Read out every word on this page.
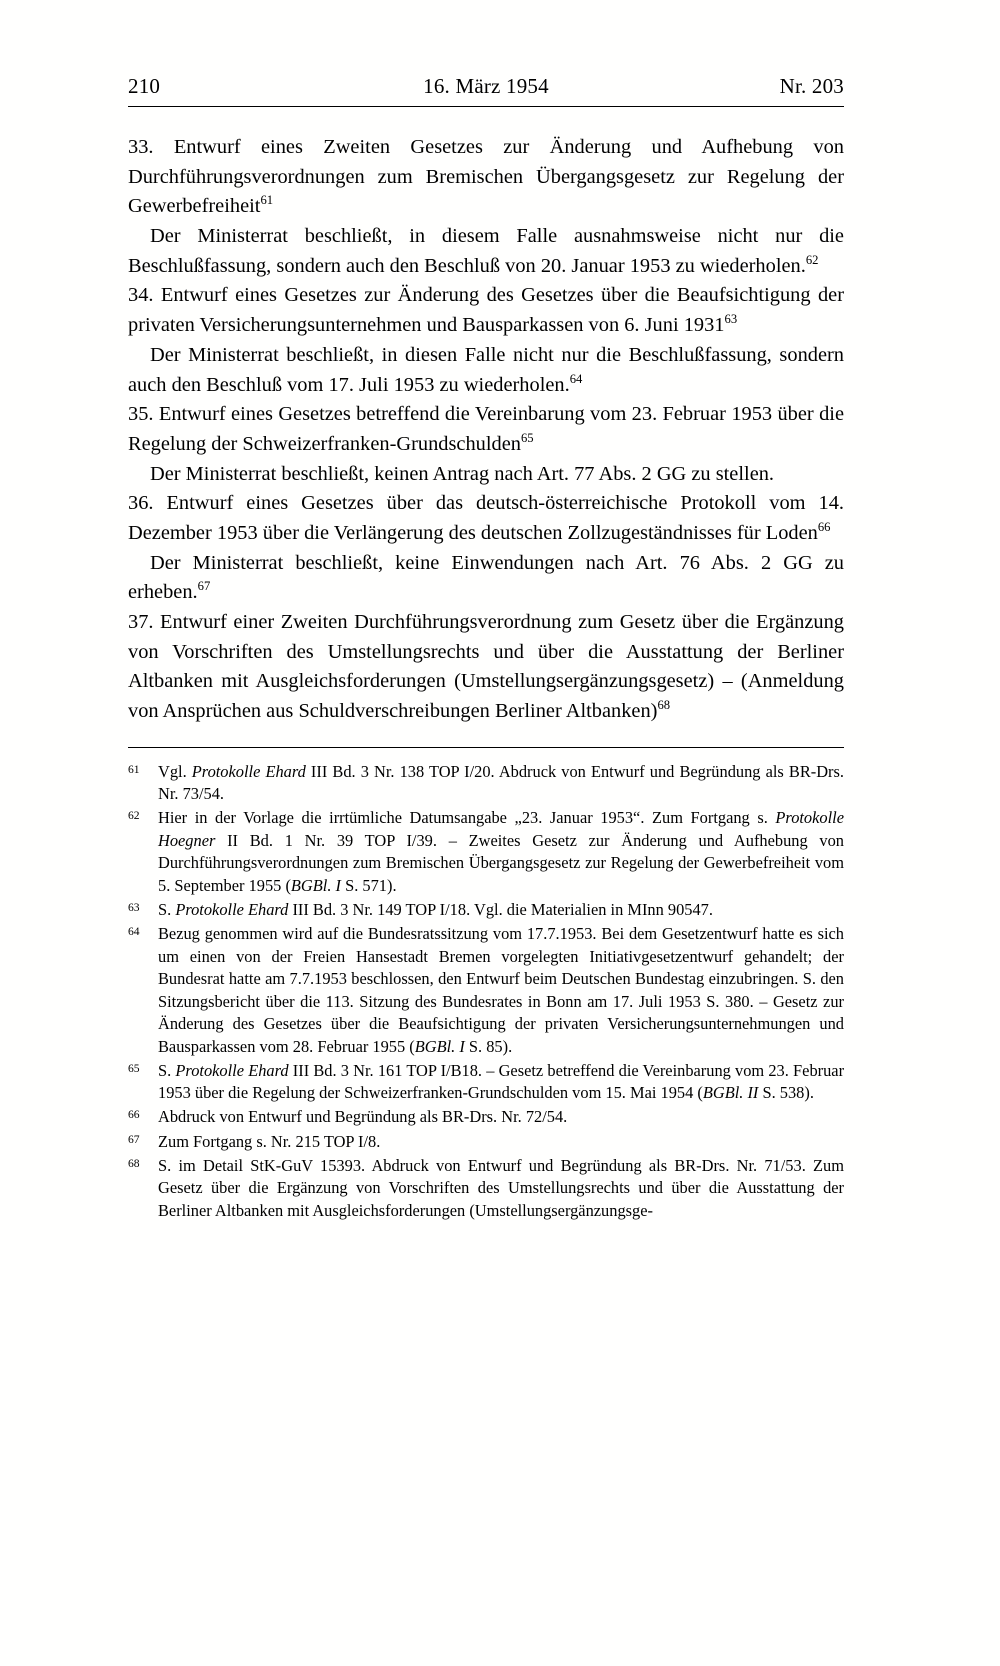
210	16. März 1954	Nr. 203

33. Entwurf eines Zweiten Gesetzes zur Änderung und Aufhebung von Durchführungsverordnungen zum Bremischen Übergangsgesetz zur Regelung der Gewerbefreiheit$^{61}$

Der Ministerrat beschließt, in diesem Falle ausnahmsweise nicht nur die Beschlußfassung, sondern auch den Beschluß von 20. Januar 1953 zu wiederholen.$^{62}$

34. Entwurf eines Gesetzes zur Änderung des Gesetzes über die Beaufsichtigung der privaten Versicherungsunternehmen und Bausparkassen von 6. Juni 1931$^{63}$

Der Ministerrat beschließt, in diesen Falle nicht nur die Beschlußfassung, sondern auch den Beschluß vom 17. Juli 1953 zu wiederholen.$^{64}$

35. Entwurf eines Gesetzes betreffend die Vereinbarung vom 23. Februar 1953 über die Regelung der Schweizerfranken-Grundschulden$^{65}$

Der Ministerrat beschließt, keinen Antrag nach Art. 77 Abs. 2 GG zu stellen.

36. Entwurf eines Gesetzes über das deutsch-österreichische Protokoll vom 14. Dezember 1953 über die Verlängerung des deutschen Zollzugeständnisses für Loden$^{66}$

Der Ministerrat beschließt, keine Einwendungen nach Art. 76 Abs. 2 GG zu erheben.$^{67}$

37. Entwurf einer Zweiten Durchführungsverordnung zum Gesetz über die Ergänzung von Vorschriften des Umstellungsrechts und über die Ausstattung der Berliner Altbanken mit Ausgleichsforderungen (Umstellungsergänzungsgesetz) – (Anmeldung von Ansprüchen aus Schuldverschreibungen Berliner Altbanken)$^{68}$

61	Vgl. Protokolle Ehard III Bd. 3 Nr. 138 TOP I/20. Abdruck von Entwurf und Begründung als BR-Drs. Nr. 73/54.
62	Hier in der Vorlage die irrtümliche Datumsangabe „23. Januar 1953“. Zum Fortgang s. Protokolle Hoegner II Bd. 1 Nr. 39 TOP I/39. – Zweites Gesetz zur Änderung und Aufhebung von Durchführungsverordnungen zum Bremischen Übergangsgesetz zur Regelung der Gewerbefreiheit vom 5. September 1955 (BGBl. I S. 571).
63	S. Protokolle Ehard III Bd. 3 Nr. 149 TOP I/18. Vgl. die Materialien in MInn 90547.
64	Bezug genommen wird auf die Bundesratssitzung vom 17.7.1953. Bei dem Gesetzentwurf hatte es sich um einen von der Freien Hansestadt Bremen vorgelegten Initiativgesetzentwurf gehandelt; der Bundesrat hatte am 7.7.1953 beschlossen, den Entwurf beim Deutschen Bundestag einzubringen. S. den Sitzungsbericht über die 113. Sitzung des Bundesrates in Bonn am 17. Juli 1953 S. 380. – Gesetz zur Änderung des Gesetzes über die Beaufsichtigung der privaten Versicherungsunternehmungen und Bausparkassen vom 28. Februar 1955 (BGBl. I S. 85).
65	S. Protokolle Ehard III Bd. 3 Nr. 161 TOP I/B18. – Gesetz betreffend die Vereinbarung vom 23. Februar 1953 über die Regelung der Schweizerfranken-Grundschulden vom 15. Mai 1954 (BGBl. II S. 538).
66	Abdruck von Entwurf und Begründung als BR-Drs. Nr. 72/54.
67	Zum Fortgang s. Nr. 215 TOP I/8.
68	S. im Detail StK-GuV 15393. Abdruck von Entwurf und Begründung als BR-Drs. Nr. 71/53. Zum Gesetz über die Ergänzung von Vorschriften des Umstellungsrechts und über die Ausstattung der Berliner Altbanken mit Ausgleichsforderungen (Umstellungsergänzungsge-
